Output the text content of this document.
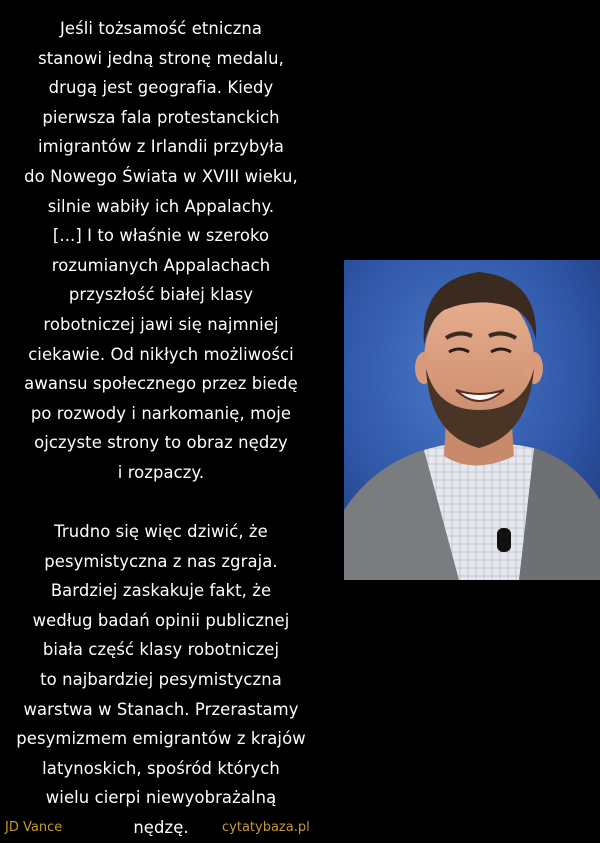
Jeśli tożsamość etniczna
stanowi jedną stronę medalu,
drugą jest geografia. Kiedy
pierwsza fala protestanckich
imigrantów z Irlandii przybyła
do Nowego Świata w XVIII wieku,
silnie wabiły ich Appalachy.
[...] I to właśnie w szeroko
rozumianych Appalachach
przyszłość białej klasy
robotniczej jawi się najmniej
ciekawie. Od nikłych możliwości
awansu społecznego przez biedę
po rozwody i narkomanię, moje
ojczyste strony to obraz nędzy
i rozpaczy.

Trudno się więc dziwić, że
pesymistyczna z nas zgraja.
Bardziej zaskakuje fakt, że
według badań opinii publicznej
biała część klasy robotniczej
to najbardziej pesymistyczna
warstwa w Stanach. Przerastamy
pesymizmem emigrantów z krajów
latynoskich, spośród których
wielu cierpi niewyobrażalną
nędzę.

JD Vance	cytatybaza.pl
